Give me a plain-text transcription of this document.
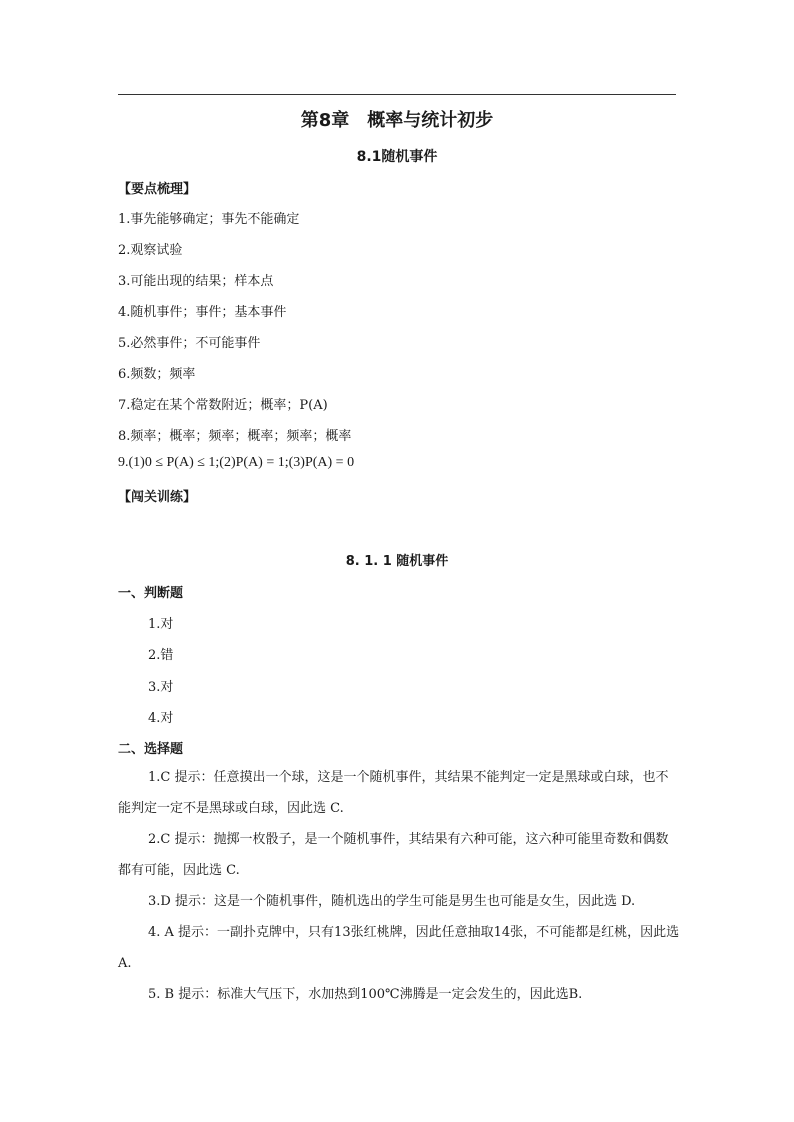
第8章　概率与统计初步
8.1随机事件
【要点梳理】
1.事先能够确定；事先不能确定
2.观察试验
3.可能出现的结果；样本点
4.随机事件；事件；基本事件
5.必然事件；不可能事件
6.频数；频率
7.稳定在某个常数附近；概率；P(A)
8.频率；概率；频率；概率；频率；概率
9.(1)0 ≤ P(A) ≤ 1;(2)P(A) = 1;(3)P(A) = 0
【闯关训练】
8. 1. 1 随机事件
一、判断题
1.对
2.错
3.对
4.对
二、选择题
1.C 提示：任意摸出一个球，这是一个随机事件，其结果不能判定一定是黑球或白球，也不能判定一定不是黑球或白球，因此选 C.
2.C 提示：抛掷一枚骰子，是一个随机事件，其结果有六种可能，这六种可能里奇数和偶数都有可能，因此选 C.
3.D 提示：这是一个随机事件，随机选出的学生可能是男生也可能是女生，因此选 D.
4. A 提示：一副扑克牌中，只有13张红桃牌，因此任意抽取14张，不可能都是红桃，因此选A.
5. B 提示：标准大气压下，水加热到100℃沸腾是一定会发生的，因此选B.
